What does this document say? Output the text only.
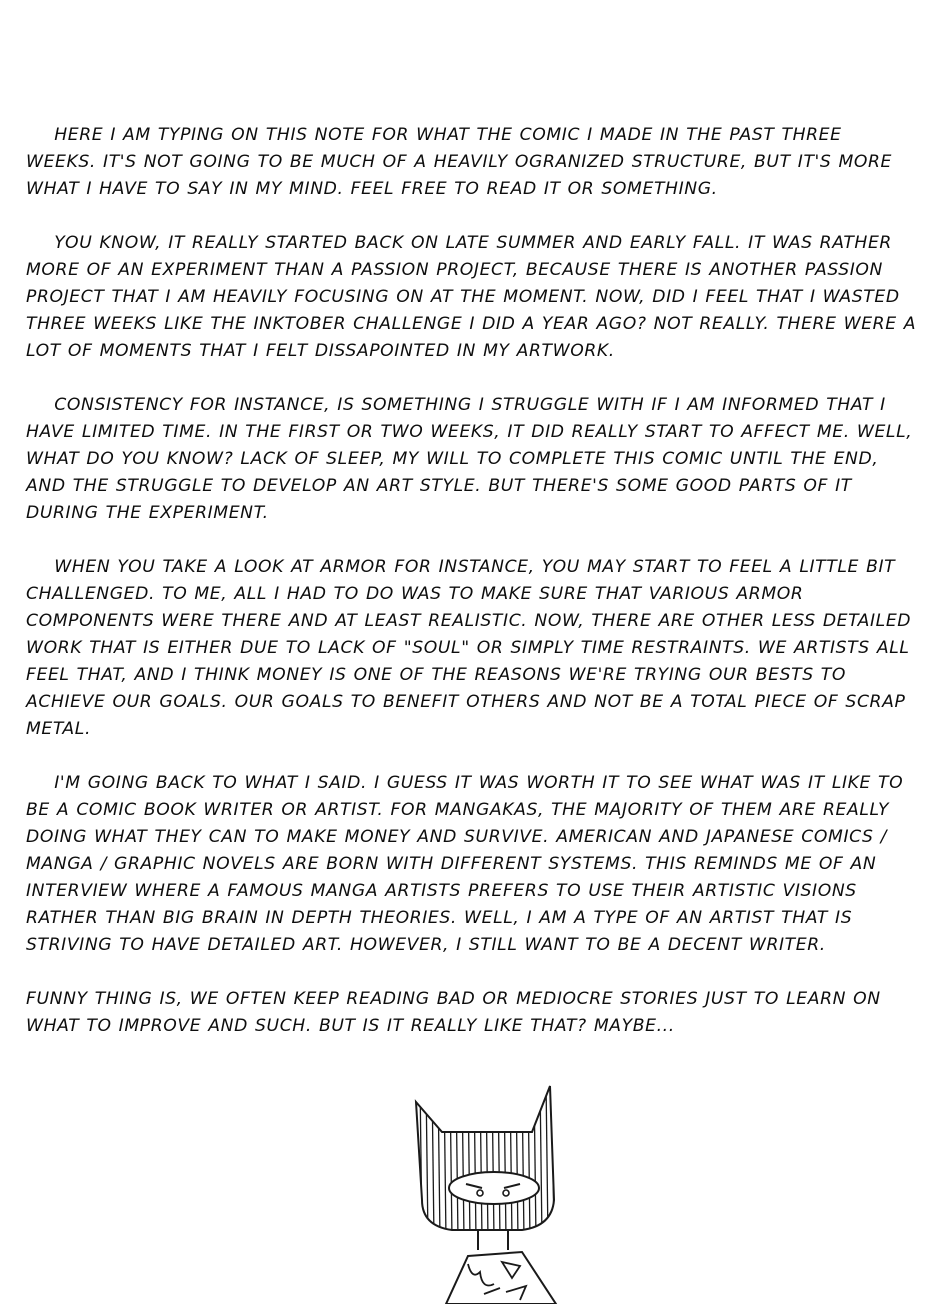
HERE I AM TYPING ON THIS NOTE FOR WHAT THE COMIC I MADE IN THE PAST THREE WEEKS. IT'S NOT GOING TO BE MUCH OF A HEAVILY OGRANIZED STRUCTURE, BUT IT'S MORE WHAT I HAVE TO SAY IN MY MIND. FEEL FREE TO READ IT OR SOMETHING.

YOU KNOW, IT REALLY STARTED BACK ON LATE SUMMER AND EARLY FALL. IT WAS RATHER MORE OF AN EXPERIMENT THAN A PASSION PROJECT, BECAUSE THERE IS ANOTHER PASSION PROJECT THAT I AM HEAVILY FOCUSING ON AT THE MOMENT. NOW, DID I FEEL THAT I WASTED THREE WEEKS LIKE THE INKTOBER CHALLENGE I DID A YEAR AGO? NOT REALLY. THERE WERE A LOT OF MOMENTS THAT I FELT DISSAPOINTED IN MY ARTWORK.

CONSISTENCY FOR INSTANCE, IS SOMETHING I STRUGGLE WITH IF I AM INFORMED THAT I HAVE LIMITED TIME. IN THE FIRST OR TWO WEEKS, IT DID REALLY START TO AFFECT ME. WELL, WHAT DO YOU KNOW? LACK OF SLEEP, MY WILL TO COMPLETE THIS COMIC UNTIL THE END, AND THE STRUGGLE TO DEVELOP AN ART STYLE. BUT THERE'S SOME GOOD PARTS OF IT DURING THE EXPERIMENT.

WHEN YOU TAKE A LOOK AT ARMOR FOR INSTANCE, YOU MAY START TO FEEL A LITTLE BIT CHALLENGED. TO ME, ALL I HAD TO DO WAS TO MAKE SURE THAT VARIOUS ARMOR COMPONENTS WERE THERE AND AT LEAST REALISTIC. NOW, THERE ARE OTHER LESS DETAILED WORK THAT IS EITHER DUE TO LACK OF "SOUL" OR SIMPLY TIME RESTRAINTS. WE ARTISTS ALL FEEL THAT, AND I THINK MONEY IS ONE OF THE REASONS WE'RE TRYING OUR BESTS TO ACHIEVE OUR GOALS. OUR GOALS TO BENEFIT OTHERS AND NOT BE A TOTAL PIECE OF SCRAP METAL.

I'M GOING BACK TO WHAT I SAID. I GUESS IT WAS WORTH IT TO SEE WHAT WAS IT LIKE TO BE A COMIC BOOK WRITER OR ARTIST. FOR MANGAKAS, THE MAJORITY OF THEM ARE REALLY DOING WHAT THEY CAN TO MAKE MONEY AND SURVIVE. AMERICAN AND JAPANESE COMICS / MANGA / GRAPHIC NOVELS ARE BORN WITH DIFFERENT SYSTEMS. THIS REMINDS ME OF AN INTERVIEW WHERE A FAMOUS MANGA ARTISTS PREFERS TO USE THEIR ARTISTIC VISIONS RATHER THAN BIG BRAIN IN DEPTH THEORIES. WELL, I AM A TYPE OF AN ARTIST THAT IS STRIVING TO HAVE DETAILED ART. HOWEVER, I STILL WANT TO BE A DECENT WRITER.

FUNNY THING IS, WE OFTEN KEEP READING BAD OR MEDIOCRE STORIES JUST TO LEARN ON WHAT TO IMPROVE AND SUCH. BUT IS IT REALLY LIKE THAT? MAYBE...
